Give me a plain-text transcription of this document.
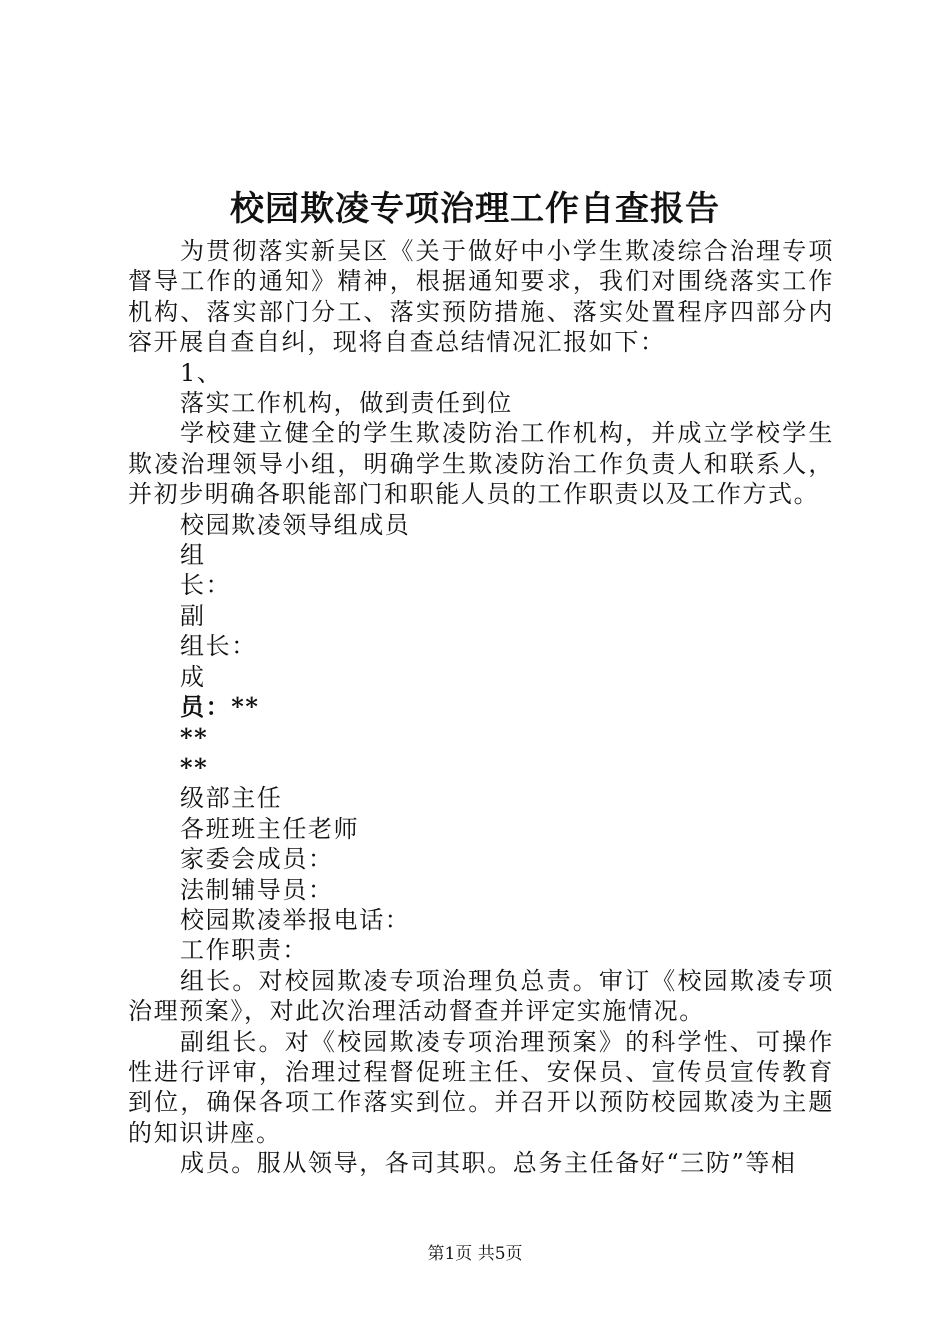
校园欺凌专项治理工作自查报告

为贯彻落实新吴区《关于做好中小学生欺凌综合治理专项督导工作的通知》精神，根据通知要求，我们对围绕落实工作机构、落实部门分工、落实预防措施、落实处置程序四部分内容开展自查自纠，现将自查总结情况汇报如下：

1、

落实工作机构，做到责任到位

学校建立健全的学生欺凌防治工作机构，并成立学校学生欺凌治理领导小组，明确学生欺凌防治工作负责人和联系人，并初步明确各职能部门和职能人员的工作职责以及工作方式。

校园欺凌领导组成员

组

长：

副

组长：

成

员：**

**

**

级部主任

各班班主任老师

家委会成员：

法制辅导员：

校园欺凌举报电话：

工作职责：

组长。对校园欺凌专项治理负总责。审订《校园欺凌专项治理预案》，对此次治理活动督查并评定实施情况。

副组长。对《校园欺凌专项治理预案》的科学性、可操作性进行评审，治理过程督促班主任、安保员、宣传员宣传教育到位，确保各项工作落实到位。并召开以预防校园欺凌为主题的知识讲座。

成员。服从领导，各司其职。总务主任备好“三防”等相

第1页 共5页
